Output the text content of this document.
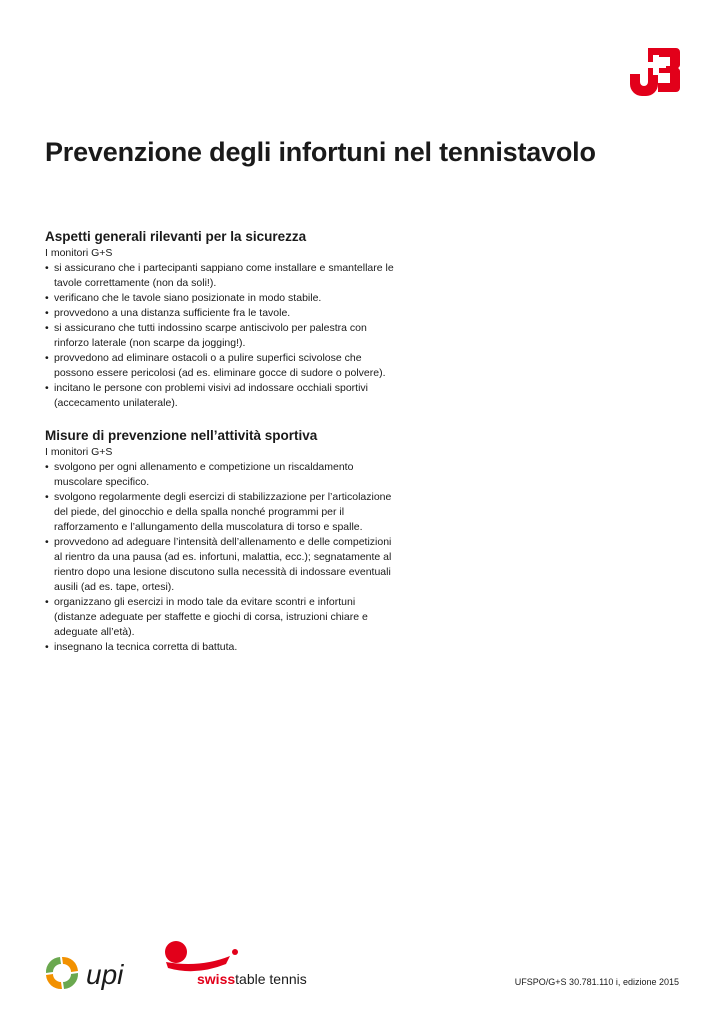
Prevenzione degli infortuni nel tennistavolo
Aspetti generali rilevanti per la sicurezza

I monitori G+S

• si assicurano che i partecipanti sappiano come installare e smantellare le tavole correttamente (non da soli!).
• verificano che le tavole siano posizionate in modo stabile.
• provvedono a una distanza sufficiente fra le tavole.
• si assicurano che tutti indossino scarpe antiscivolo per palestra con rinforzo laterale (non scarpe da jogging!).
• provvedono ad eliminare ostacoli o a pulire superfici scivolose che possono essere pericolosi (ad es. eliminare gocce di sudore o polvere).
• incitano le persone con problemi visivi ad indossare occhiali sportivi (accecamento unilaterale).
Misure di prevenzione nell’attività sportiva

I monitori G+S

• svolgono per ogni allenamento e competizione un riscaldamento muscolare specifico.
• svolgono regolarmente degli esercizi di stabilizzazione per l’articolazione del piede, del ginocchio e della spalla nonché programmi per il rafforzamento e l’allungamento della muscolatura di torso e spalle.
• provvedono ad adeguare l’intensità dell’allenamento e delle competizioni al rientro da una pausa (ad es. infortuni, malattia, ecc.); segnatamente al rientro dopo una lesione discutono sulla necessità di indossare eventuali ausili (ad es. tape, ortesi).
• organizzano gli esercizi in modo tale da evitare scontri e infortuni (distanze adeguate per staffette e giochi di corsa, istruzioni chiare e adeguate all’età).
• insegnano la tecnica corretta di battuta.
upi	swisstable tennis	UFSPO/G+S 30.781.110 i, edizione 2015
